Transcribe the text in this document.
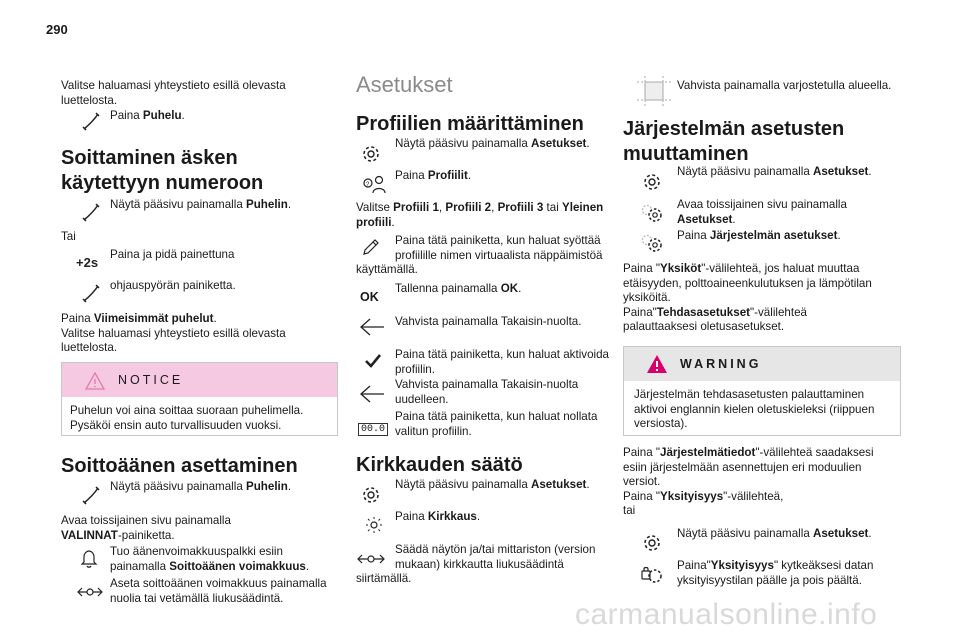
290
Valitse haluamasi yhteystieto esillä olevasta luettelosta.
Paina Puhelu.
Soittaminen äsken käytettyyn numeroon
Näytä pääsivu painamalla Puhelin.
Tai
+2s
Paina ja pidä painettuna
ohjauspyörän painiketta.
Paina Viimeisimmät puhelut.
Valitse haluamasi yhteystieto esillä olevasta luettelosta.
NOTICE
Puhelun voi aina soittaa suoraan puhelimella. Pysäköi ensin auto turvallisuuden vuoksi.
Soittoäänen asettaminen
Näytä pääsivu painamalla Puhelin.
Avaa toissijainen sivu painamalla
VALINNAT-painiketta.
Tuo äänenvoimakkuuspalkki esiin
painamalla Soittoäänen voimakkuus.
Aseta soittoäänen voimakkuus painamalla
nuolia tai vetämällä liukusäädintä.
Asetukset
Profiilien määrittäminen
Näytä pääsivu painamalla Asetukset.
?
Paina Profiilit.
Valitse Profiili 1, Profiili 2, Profiili 3 tai Yleinen
profiili.
Paina tätä painiketta, kun haluat syöttää
profiilille nimen virtuaalista näppäimistöä
käyttämällä.
OK
Tallenna painamalla OK.
Vahvista painamalla Takaisin-nuolta.
Paina tätä painiketta, kun haluat aktivoida
profiilin.
Vahvista painamalla Takaisin-nuolta
uudelleen.
00.0
Paina tätä painiketta, kun haluat nollata
valitun profiilin.
Kirkkauden säätö
Näytä pääsivu painamalla Asetukset.
Paina Kirkkaus.
Säädä näytön ja/tai mittariston (version
mukaan) kirkkautta liukusäädintä
siirtämällä.
Vahvista painamalla varjostetulla alueella.
Järjestelmän asetusten
muuttaminen
Näytä pääsivu painamalla Asetukset.
Avaa toissijainen sivu painamalla
Asetukset.
Paina Järjestelmän asetukset.
Paina "Yksiköt"-välilehteä, jos haluat muuttaa
etäisyyden, polttoaineenkulutuksen ja lämpötilan
yksiköitä.
Paina"Tehdasasetukset"-välilehteä
palauttaaksesi oletusasetukset.
WARNING
Järjestelmän tehdasasetusten palauttaminen aktivoi englannin kielen oletuskieleksi (riippuen versiosta).
Paina "Järjestelmätiedot"-välilehteä saadaksesi
esiin järjestelmään asennettujen eri moduulien
versiot.
Paina "Yksityisyys"-välilehteä,
tai
Näytä pääsivu painamalla Asetukset.
Paina"Yksityisyys" kytkeäksesi datan
yksityisyystilan päälle ja pois päältä.
carmanualsonline.info
